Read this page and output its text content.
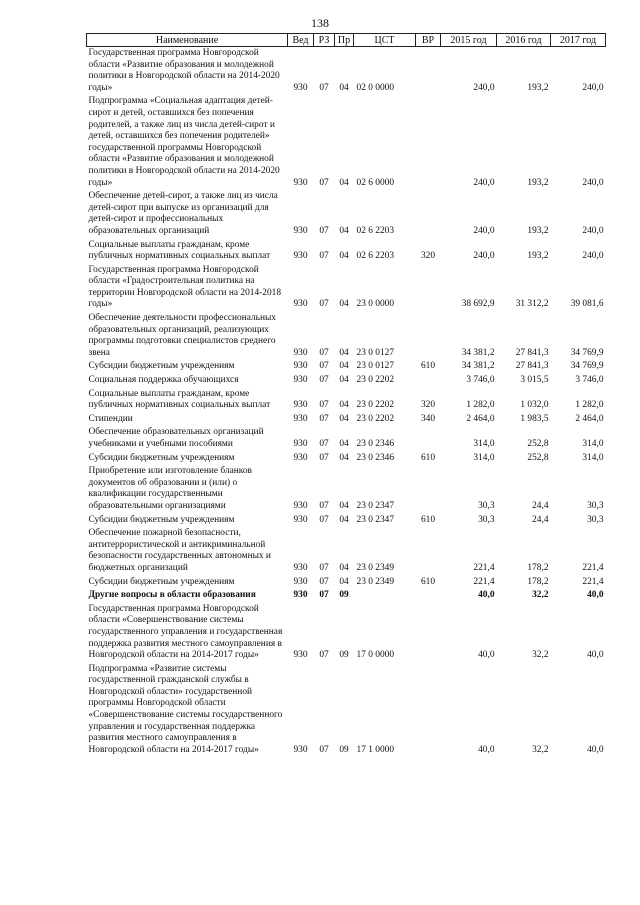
138
Наименование	Вед	РЗ	Пр	ЦСТ	ВР	2015 год	2016 год	2017 год
Государственная программа Новгородской области «Развитие образования и молодежной политики в Новгородской области на 2014-2020 годы»	930	07	04	02 0 0000		240,0	193,2	240,0
Подпрограмма «Социальная адаптация детей-сирот и детей, оставшихся без попечения родителей, а также лиц из числа детей-сирот и детей, оставшихся без попечения родителей» государственной программы Новгородской области «Развитие образования и молодежной политики в Новгородской области на 2014-2020 годы»	930	07	04	02 6 0000		240,0	193,2	240,0
Обеспечение детей-сирот, а также лиц из числа детей-сирот при выпуске из организаций для детей-сирот и профессиональных образовательных организаций	930	07	04	02 6 2203		240,0	193,2	240,0
Социальные выплаты гражданам, кроме публичных нормативных социальных выплат	930	07	04	02 6 2203	320	240,0	193,2	240,0
Государственная программа Новгородской области «Градостроительная политика на территории Новгородской области на 2014-2018 годы»	930	07	04	23 0 0000		38 692,9	31 312,2	39 081,6
Обеспечение деятельности профессиональных образовательных организаций, реализующих программы подготовки специалистов среднего звена	930	07	04	23 0 0127		34 381,2	27 841,3	34 769,9
Субсидии бюджетным учреждениям	930	07	04	23 0 0127	610	34 381,2	27 841,3	34 769,9
Социальная поддержка обучающихся	930	07	04	23 0 2202		3 746,0	3 015,5	3 746,0
Социальные выплаты гражданам, кроме публичных нормативных социальных выплат	930	07	04	23 0 2202	320	1 282,0	1 032,0	1 282,0
Стипендии	930	07	04	23 0 2202	340	2 464,0	1 983,5	2 464,0
Обеспечение образовательных организаций учебниками и учебными пособиями	930	07	04	23 0 2346		314,0	252,8	314,0
Субсидии бюджетным учреждениям	930	07	04	23 0 2346	610	314,0	252,8	314,0
Приобретение или изготовление бланков документов об образовании и (или) о квалификации государственными образовательными организациями	930	07	04	23 0 2347		30,3	24,4	30,3
Субсидии бюджетным учреждениям	930	07	04	23 0 2347	610	30,3	24,4	30,3
Обеспечение пожарной безопасности, антитеррористической и антикриминальной безопасности государственных автономных и бюджетных организаций	930	07	04	23 0 2349		221,4	178,2	221,4
Субсидии бюджетным учреждениям	930	07	04	23 0 2349	610	221,4	178,2	221,4
Другие вопросы в области образования	930	07	09			40,0	32,2	40,0
Государственная программа Новгородской области «Совершенствование системы государственного управления и государственная поддержка развития местного самоуправления в Новгородской области на 2014-2017 годы»	930	07	09	17 0 0000		40,0	32,2	40,0
Подпрограмма «Развитие системы государственной гражданской службы в Новгородской области» государственной программы Новгородской области «Совершенствование системы государственного управления и государственная поддержка развития местного самоуправления в Новгородской области на 2014-2017 годы»	930	07	09	17 1 0000		40,0	32,2	40,0
